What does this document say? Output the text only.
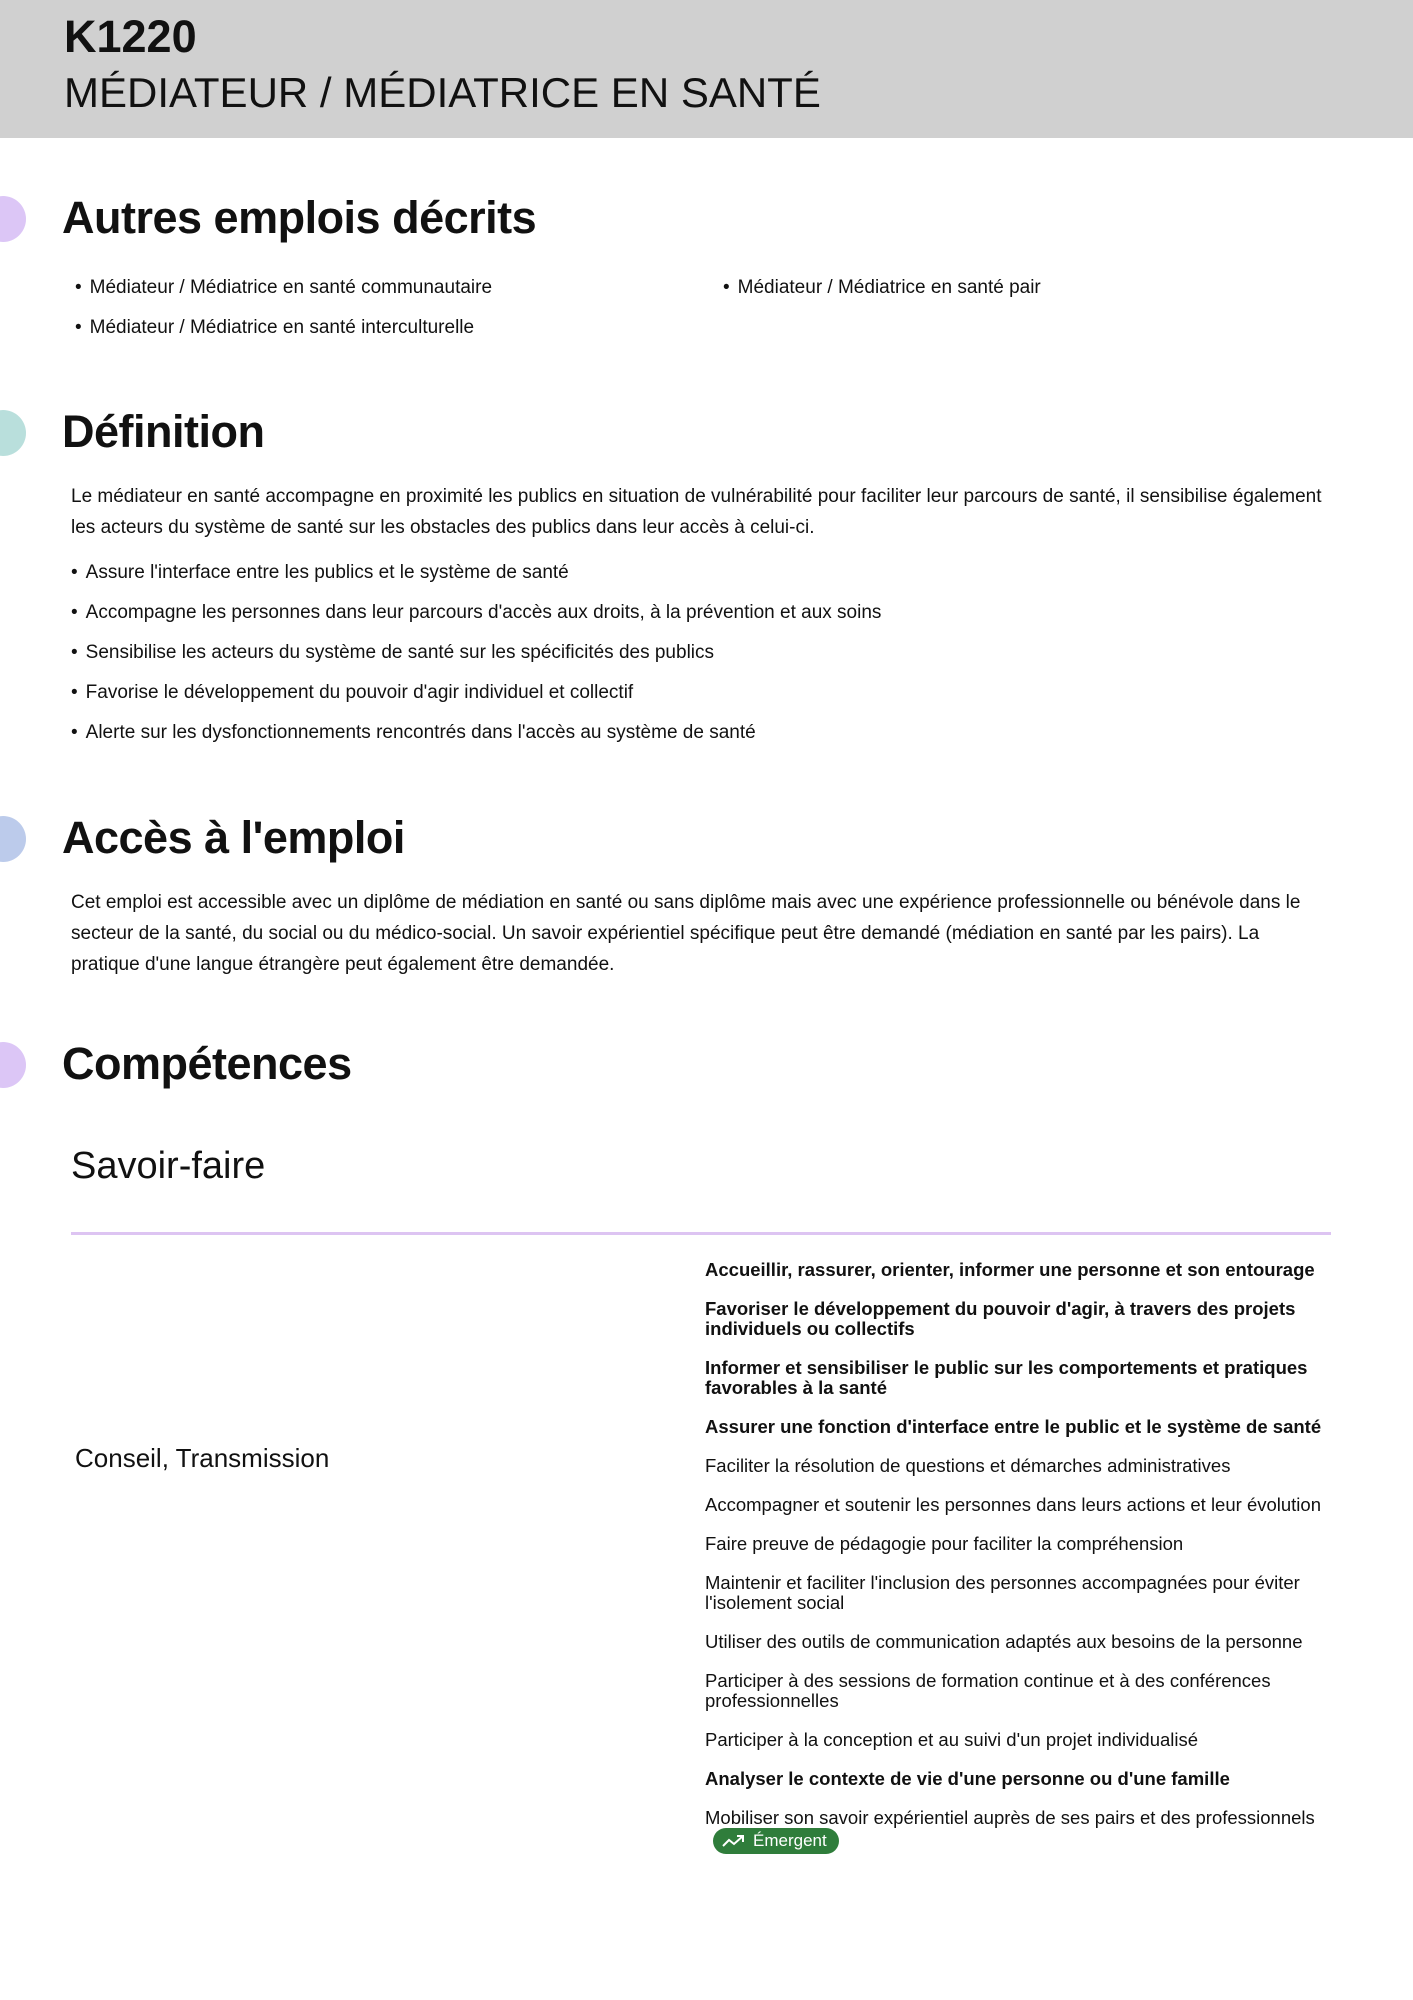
K1220
MÉDIATEUR / MÉDIATRICE EN SANTÉ
Autres emplois décrits
• Médiateur / Médiatrice en santé communautaire
•	Médiateur / Médiatrice en santé pair
• Médiateur / Médiatrice en santé interculturelle
Définition
Le médiateur en santé accompagne en proximité les publics en situation de vulnérabilité pour faciliter leur parcours de santé, il sensibilise également les acteurs du système de santé sur les obstacles des publics dans leur accès à celui-ci.
• Assure l'interface entre les publics et le système de santé
• Accompagne les personnes dans leur parcours d'accès aux droits, à la prévention et aux soins
• Sensibilise les acteurs du système de santé sur les spécificités des publics
• Favorise le développement du pouvoir d'agir individuel et collectif
• Alerte sur les dysfonctionnements rencontrés dans l'accès au système de santé
Accès à l'emploi
Cet emploi est accessible avec un diplôme de médiation en santé ou sans diplôme mais avec une expérience professionnelle ou bénévole dans le secteur de la santé, du social ou du médico-social. Un savoir expérientiel spécifique peut être demandé (médiation en santé par les pairs). La pratique d'une langue étrangère peut également être demandée.
Compétences
Savoir-faire
Conseil, Transmission
Accueillir, rassurer, orienter, informer une personne et son entourage
Favoriser le développement du pouvoir d'agir, à travers des projets individuels ou collectifs
Informer et sensibiliser le public sur les comportements et pratiques favorables à la santé
Assurer une fonction d'interface entre le public et le système de santé
Faciliter la résolution de questions et démarches administratives
Accompagner et soutenir les personnes dans leurs actions et leur évolution
Faire preuve de pédagogie pour faciliter la compréhension
Maintenir et faciliter l'inclusion des personnes accompagnées pour éviter l'isolement social
Utiliser des outils de communication adaptés aux besoins de la personne
Participer à des sessions de formation continue et à des conférences professionnelles
Participer à la conception et au suivi d'un projet individualisé
Analyser le contexte de vie d'une personne ou d'une famille
Mobiliser son savoir expérientiel auprès de ses pairs et des professionnels Émergent
